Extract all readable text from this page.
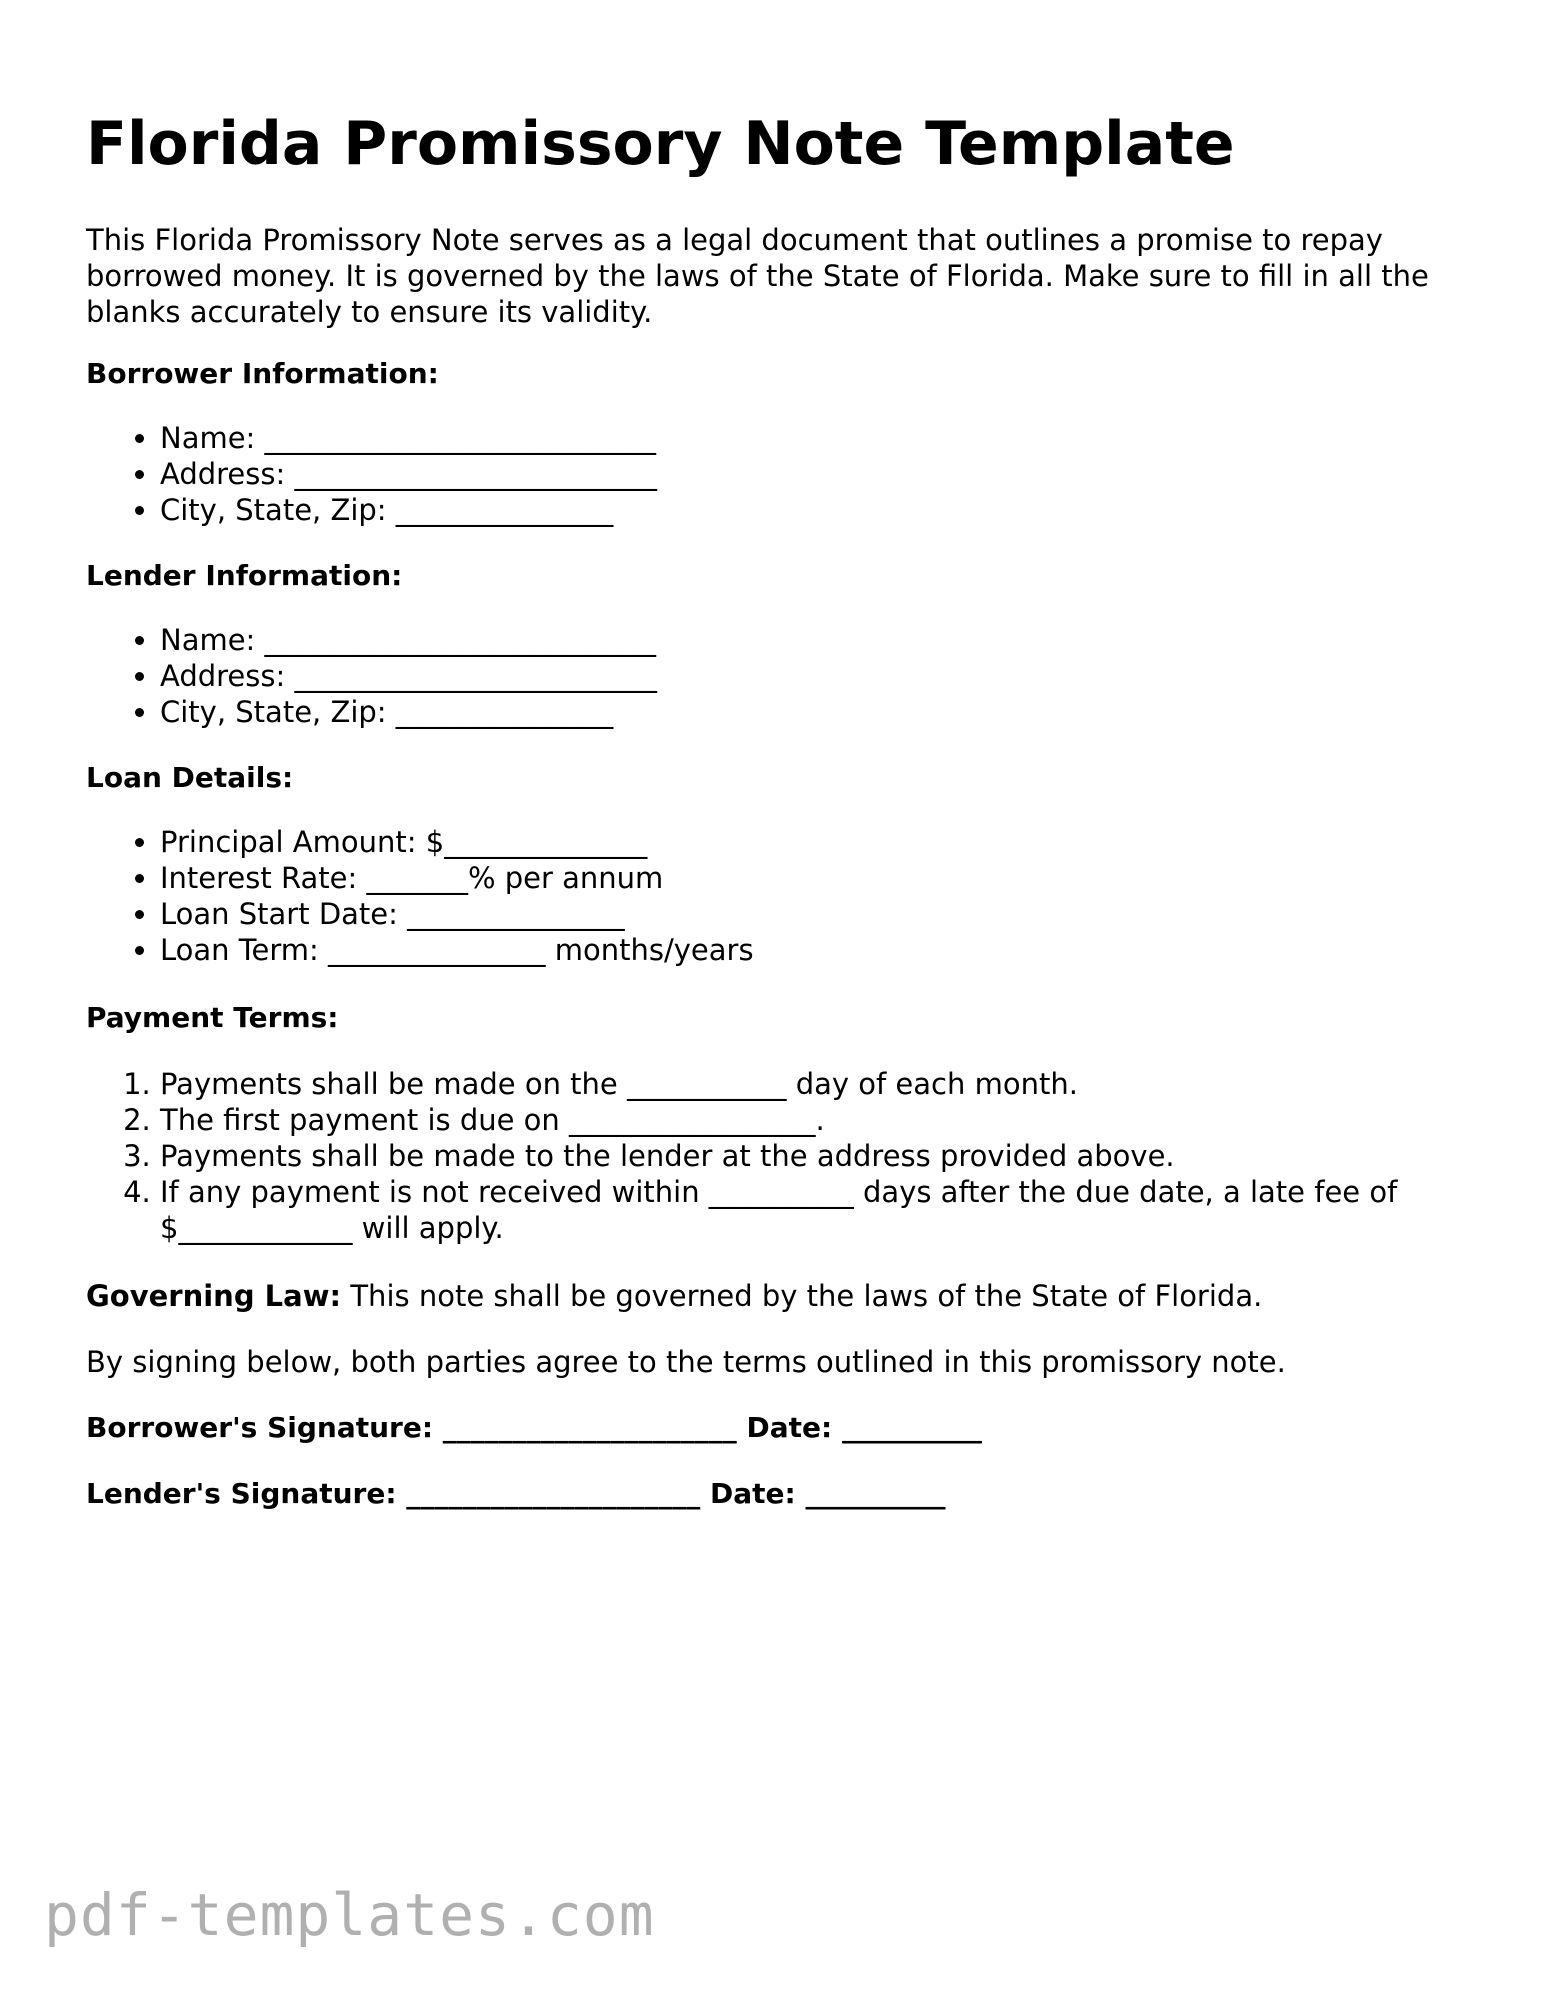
Florida Promissory Note Template

This Florida Promissory Note serves as a legal document that outlines a promise to repay borrowed money. It is governed by the laws of the State of Florida. Make sure to fill in all the blanks accurately to ensure its validity.

Borrower Information:

• Name: ___________________________
• Address: _________________________
• City, State, Zip: _______________

Lender Information:

• Name: ___________________________
• Address: _________________________
• City, State, Zip: _______________

Loan Details:

• Principal Amount: $______________
• Interest Rate: _______% per annum
• Loan Start Date: _______________
• Loan Term: _______________ months/years

Payment Terms:

1. Payments shall be made on the ___________ day of each month.
2. The first payment is due on _________________.
3. Payments shall be made to the lender at the address provided above.
4. If any payment is not received within __________ days after the due date, a late fee of $____________ will apply.

Governing Law: This note shall be governed by the laws of the State of Florida.

By signing below, both parties agree to the terms outlined in this promissory note.

Borrower's Signature: _____________________ Date: __________

Lender's Signature: _____________________ Date: __________

pdf-templates.com
